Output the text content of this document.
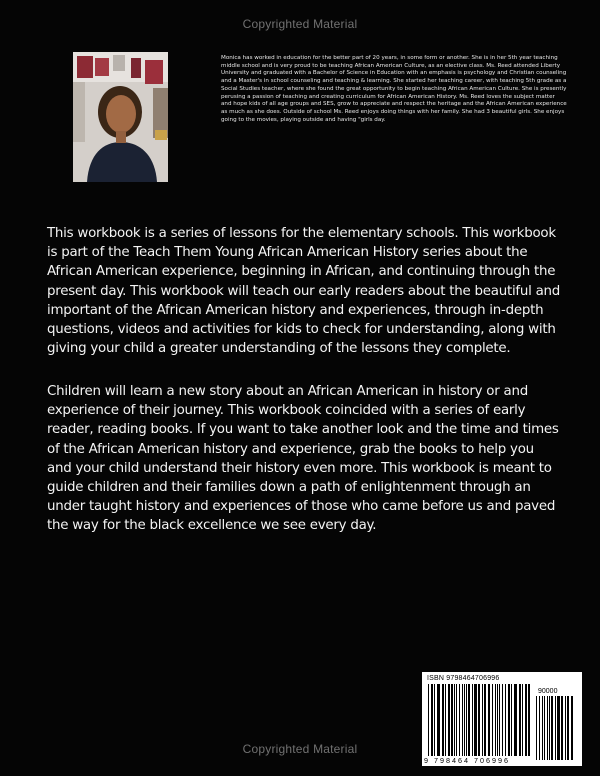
Copyrighted Material

Monica has worked in education for the better part of 20 years, in some form or another. She is in her 5th year teaching middle school and is very proud to be teaching African American Culture, as an elective class. Ms. Reed attended Liberty University and graduated with a Bachelor of Science in Education with an emphasis is psychology and Christian counseling and a Master's in school counseling and teaching & learning. She started her teaching career, with teaching 5th grade as a Social Studies teacher, where she found the great opportunity to begin teaching African American Culture. She is presently perusing a passion of teaching and creating curriculum for African American History. Ms. Reed loves the subject matter and hope kids of all age groups and SES, grow to appreciate and respect the heritage and the African American experience as much as she does. Outside of school Ms. Reed enjoys doing things with her family. She had 3 beautiful girls. She enjoys going to the movies, playing outside and having "girls day.

This workbook is a series of lessons for the elementary schools. This workbook is part of the Teach Them Young African American History series about the African American experience, beginning in African, and continuing through the present day. This workbook will teach our early readers about the beautiful and important of the African American history and experiences, through in-depth questions, videos and activities for kids to check for understanding, along with giving your child a greater understanding of the lessons they complete.

Children will learn a new story about an African American in history or and experience of their journey. This workbook coincided with a series of early reader, reading books. If you want to take another look and the time and times of the African American history and experience, grab the books to help you and your child understand their history even more. This workbook is meant to guide children and their families down a path of enlightenment through an under taught history and experiences of those who came before us and paved the way for the black excellence we see every day.

ISBN 9798464706996
90000
9 798464 706996
Copyrighted Material
